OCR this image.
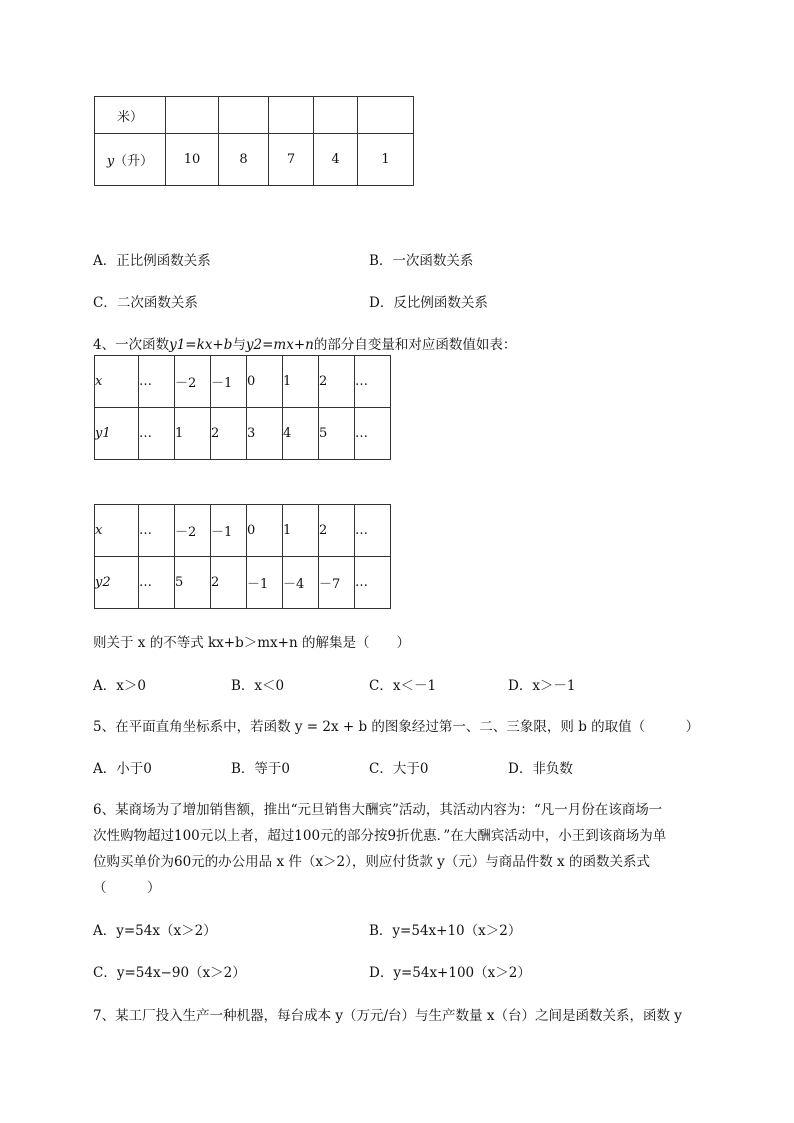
米）					
y（升）	10	8	7	4	1
A．正比例函数关系	B．一次函数关系
C．二次函数关系	D．反比例函数关系
4、一次函数y1=kx+b与y2=mx+n的部分自变量和对应函数值如表：
x	…	－2	－1	0	1	2	…
y1	…	1	2	3	4	5	…
x	…	－2	－1	0	1	2	…
y2	…	5	2	－1	－4	－7	…
则关于 x 的不等式 kx+b＞mx+n 的解集是（　　）
A．x＞0	B．x＜0	C．x＜－1	D．x＞－1
5、在平面直角坐标系中，若函数 y = 2x + b 的图象经过第一、二、三象限，则 b 的取值（　　　）
A．小于0	B．等于0	C．大于0	D．非负数
6、某商场为了增加销售额，推出“元旦销售大酬宾”活动，其活动内容为：“凡一月份在该商场一
次性购物超过100元以上者，超过100元的部分按9折优惠．”在大酬宾活动中，小王到该商场为单
位购买单价为60元的办公用品 x 件（x＞2），则应付货款 y（元）与商品件数 x 的函数关系式
（　　　）
A．y=54x（x＞2）	B．y=54x+10（x＞2）
C．y=54x−90（x＞2）	D．y=54x+100（x＞2）
7、某工厂投入生产一种机器，每台成本 y（万元/台）与生产数量 x（台）之间是函数关系，函数 y
